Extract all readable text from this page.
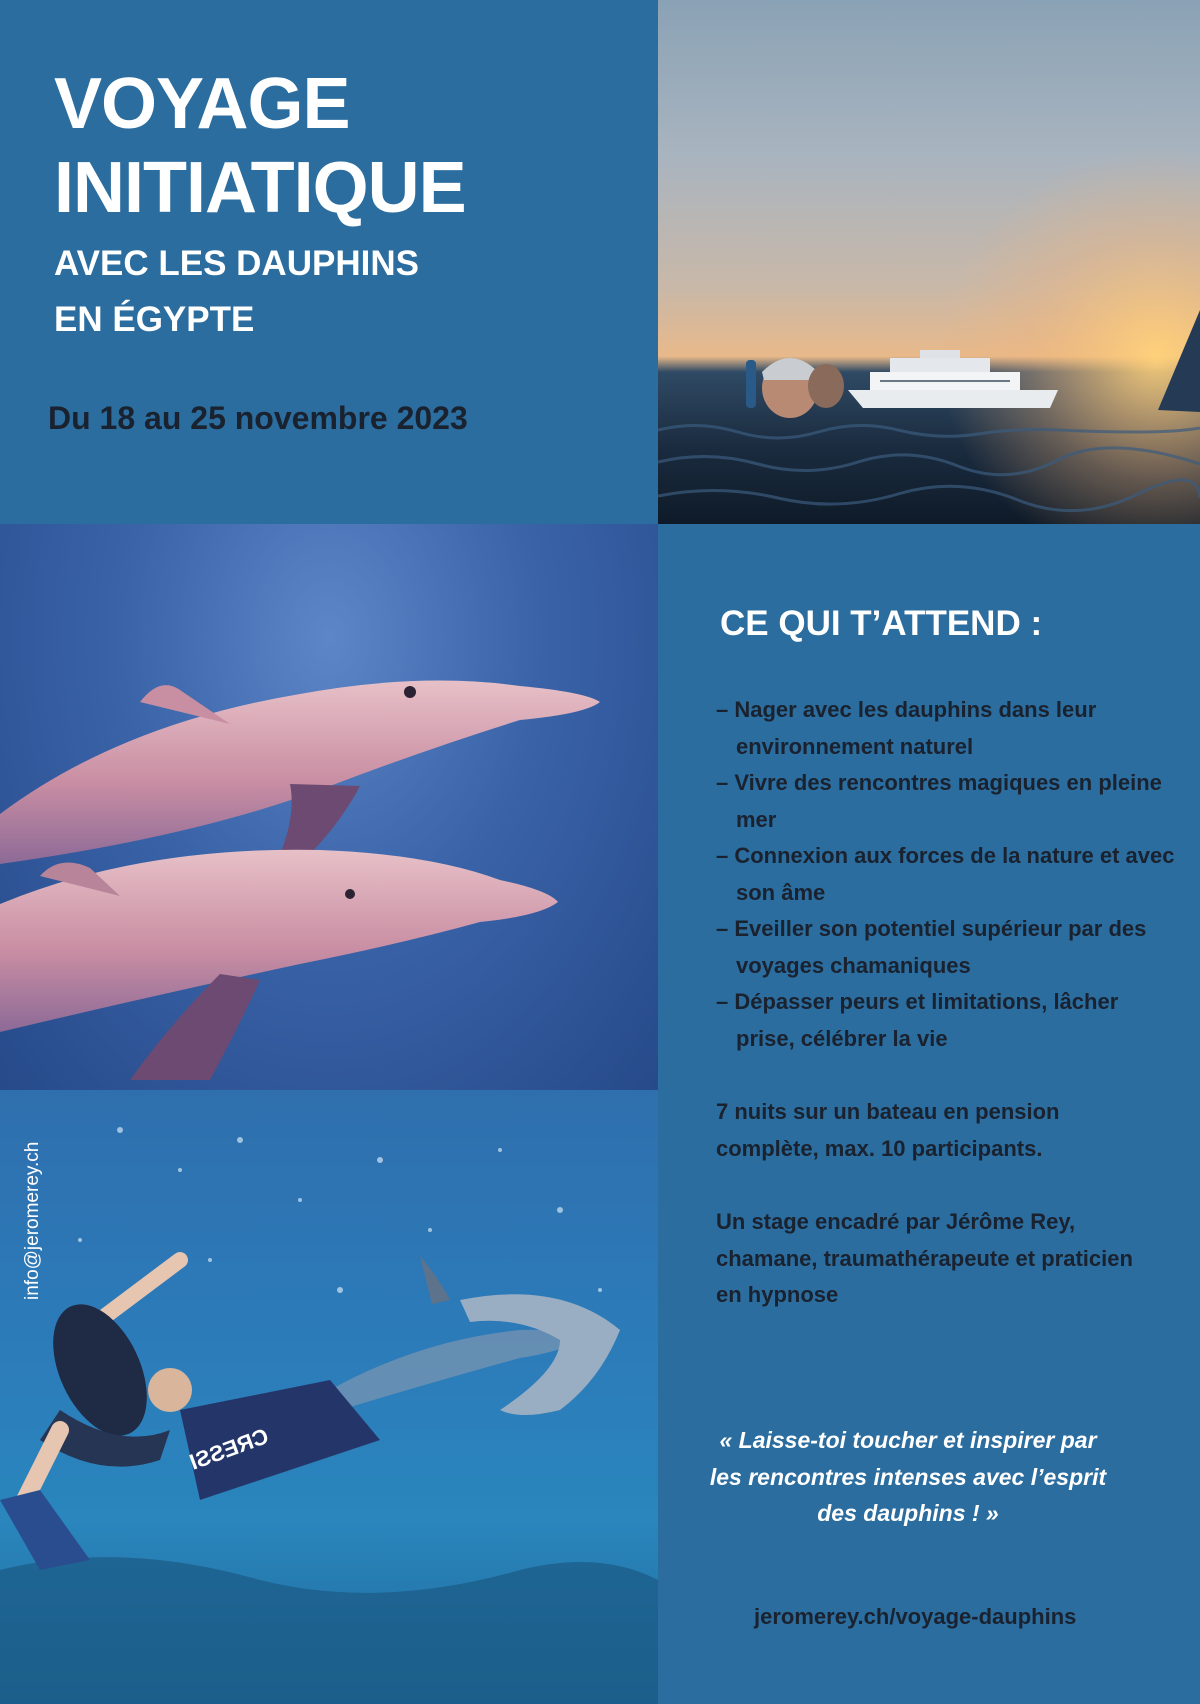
VOYAGE
INITIATIQUE
AVEC LES DAUPHINS
EN ÉGYPTE
Du 18 au 25 novembre 2023
CRESSI
info@jeromerey.ch
CE QUI T’ATTEND :
– Nager avec les dauphins dans leur environnement naturel
– Vivre des rencontres magiques en pleine mer
– Connexion aux forces de la nature et avec son âme
– Eveiller son potentiel supérieur par des voyages chamaniques
– Dépasser peurs et limitations, lâcher prise, célébrer la vie

7 nuits sur un bateau en pension complète, max. 10 participants.

Un stage encadré par Jérôme Rey, chamane, traumathérapeute et praticien en hypnose

« Laisse-toi toucher et inspirer par les rencontres intenses avec l’esprit des dauphins ! »

jeromerey.ch/voyage-dauphins
